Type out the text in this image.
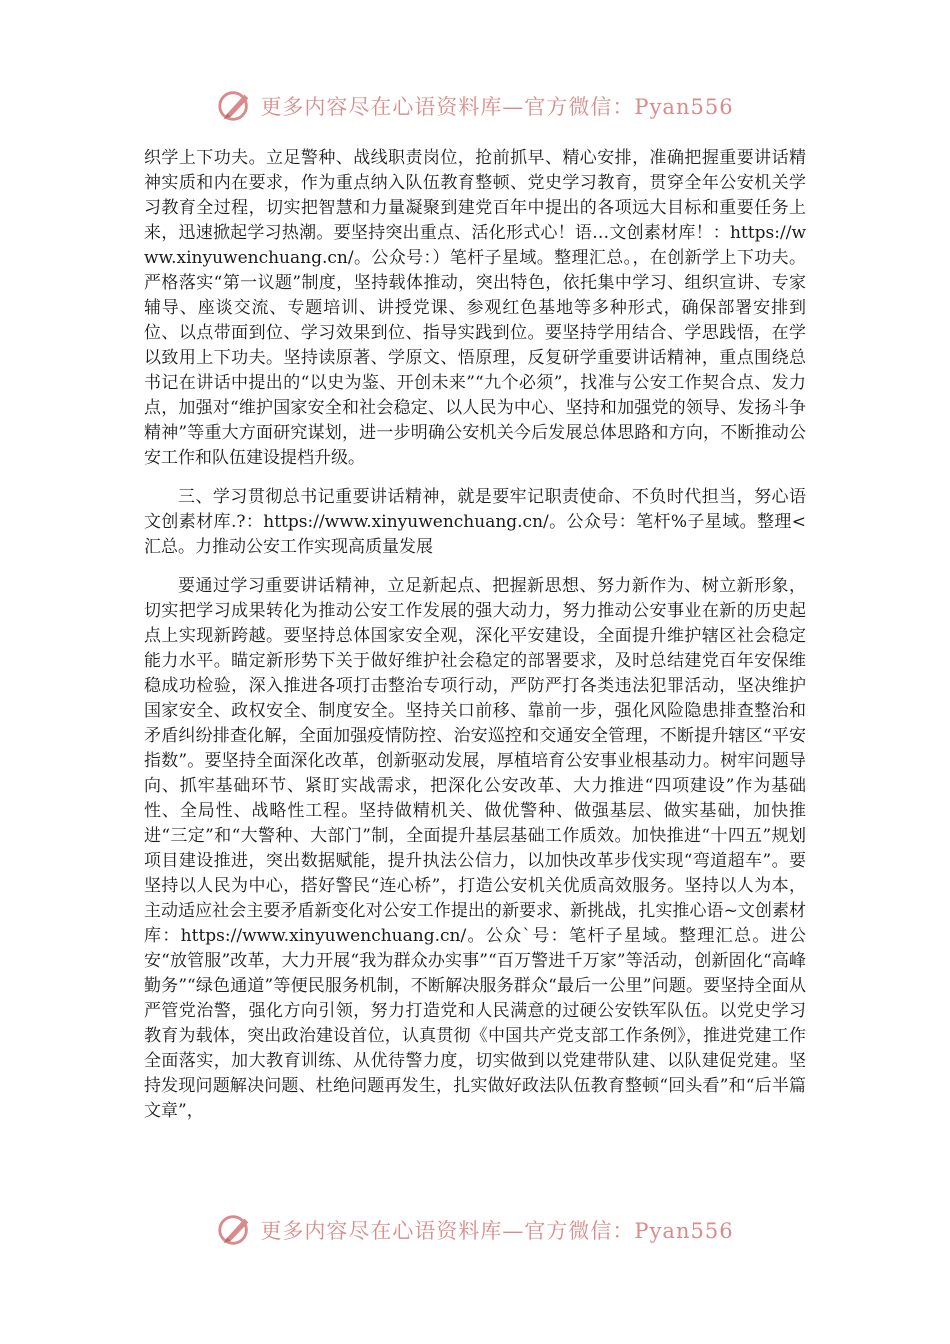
更多内容尽在心语资料库—官方微信：Pyan556

织学上下功夫。立足警种、战线职责岗位，抢前抓早、精心安排，准确把握重要讲话精神实质和内在要求，作为重点纳入队伍教育整顿、党史学习教育，贯穿全年公安机关学习教育全过程，切实把智慧和力量凝聚到建党百年中提出的各项远大目标和重要任务上来，迅速掀起学习热潮。要坚持突出重点、活化形式心！语…文创素材库！：https://www.xinyuwenchuang.cn/。公众号：）笔杆子星域。整理汇总。，在创新学上下功夫。严格落实“第一议题”制度，坚持载体推动，突出特色，依托集中学习、组织宣讲、专家辅导、座谈交流、专题培训、讲授党课、参观红色基地等多种形式，确保部署安排到位、以点带面到位、学习效果到位、指导实践到位。要坚持学用结合、学思践悟，在学以致用上下功夫。坚持读原著、学原文、悟原理，反复研学重要讲话精神，重点围绕总书记在讲话中提出的“以史为鉴、开创未来”“九个必须”，找准与公安工作契合点、发力点，加强对“维护国家安全和社会稳定、以人民为中心、坚持和加强党的领导、发扬斗争精神”等重大方面研究谋划，进一步明确公安机关今后发展总体思路和方向，不断推动公安工作和队伍建设提档升级。

三、学习贯彻总书记重要讲话精神，就是要牢记职责使命、不负时代担当，努心语文创素材库.?：https://www.xinyuwenchuang.cn/。公众号：笔杆%子星域。整理<汇总。力推动公安工作实现高质量发展

要通过学习重要讲话精神，立足新起点、把握新思想、努力新作为、树立新形象，切实把学习成果转化为推动公安工作发展的强大动力，努力推动公安事业在新的历史起点上实现新跨越。要坚持总体国家安全观，深化平安建设，全面提升维护辖区社会稳定能力水平。瞄定新形势下关于做好维护社会稳定的部署要求，及时总结建党百年安保维稳成功检验，深入推进各项打击整治专项行动，严防严打各类违法犯罪活动，坚决维护国家安全、政权安全、制度安全。坚持关口前移、靠前一步，强化风险隐患排查整治和矛盾纠纷排查化解，全面加强疫情防控、治安巡控和交通安全管理，不断提升辖区“平安指数”。要坚持全面深化改革，创新驱动发展，厚植培育公安事业根基动力。树牢问题导向、抓牢基础环节、紧盯实战需求，把深化公安改革、大力推进“四项建设”作为基础性、全局性、战略性工程。坚持做精机关、做优警种、做强基层、做实基础，加快推进“三定”和“大警种、大部门”制，全面提升基层基础工作质效。加快推进“十四五”规划项目建设推进，突出数据赋能，提升执法公信力，以加快改革步伐实现“弯道超车”。要坚持以人民为中心，搭好警民“连心桥”，打造公安机关优质高效服务。坚持以人为本，主动适应社会主要矛盾新变化对公安工作提出的新要求、新挑战，扎实推心语~文创素材库：https://www.xinyuwenchuang.cn/。公众`号：笔杆子星域。整理汇总。进公安“放管服”改革，大力开展“我为群众办实事”“百万警进千万家”等活动，创新固化“高峰勤务”“绿色通道”等便民服务机制，不断解决服务群众“最后一公里”问题。要坚持全面从严管党治警，强化方向引领，努力打造党和人民满意的过硬公安铁军队伍。以党史学习教育为载体，突出政治建设首位，认真贯彻《中国共产党支部工作条例》，推进党建工作全面落实，加大教育训练、从优待警力度，切实做到以党建带队建、以队建促党建。坚持发现问题解决问题、杜绝问题再发生，扎实做好政法队伍教育整顿“回头看”和“后半篇文章”，

更多内容尽在心语资料库—官方微信：Pyan556
